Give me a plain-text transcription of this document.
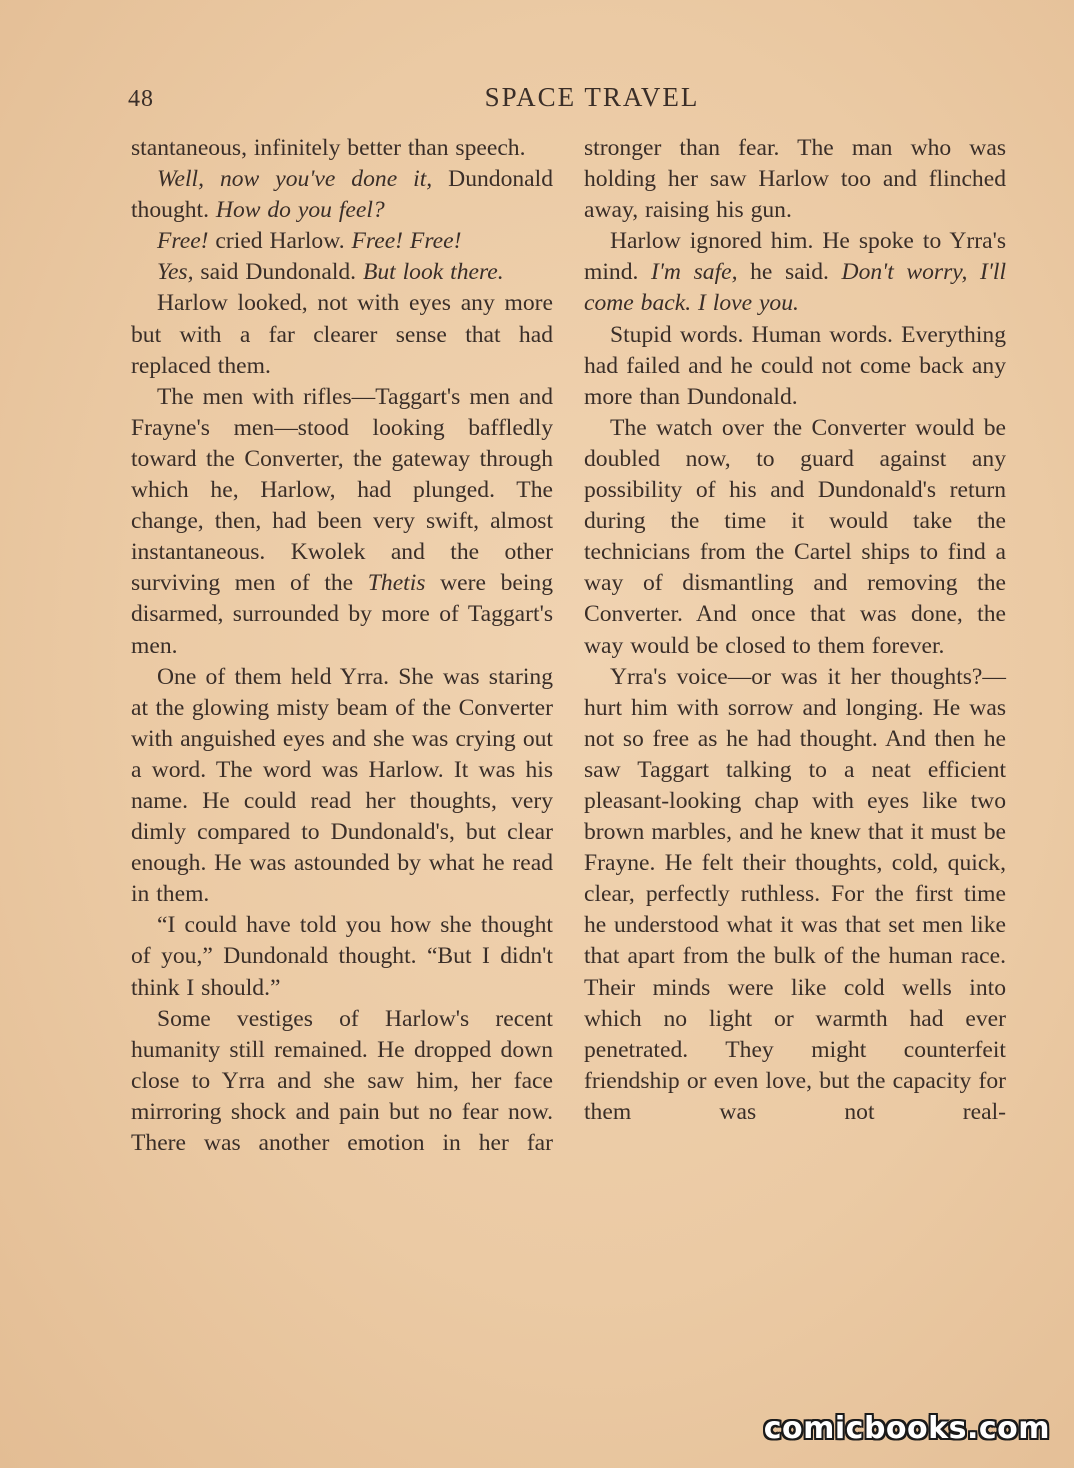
48	SPACE TRAVEL

stantaneous, infinitely better than speech.

Well, now you've done it, Dundonald thought. How do you feel?

Free! cried Harlow. Free! Free!

Yes, said Dundonald. But look there.

Harlow looked, not with eyes any more but with a far clearer sense that had replaced them.

The men with rifles—Taggart's men and Frayne's men—stood looking baffledly toward the Converter, the gateway through which he, Harlow, had plunged. The change, then, had been very swift, almost instantaneous. Kwolek and the other surviving men of the Thetis were being disarmed, surrounded by more of Taggart's men.

One of them held Yrra. She was staring at the glowing misty beam of the Converter with anguished eyes and she was crying out a word. The word was Harlow. It was his name. He could read her thoughts, very dimly compared to Dundonald's, but clear enough. He was astounded by what he read in them.

“I could have told you how she thought of you,” Dundonald thought. “But I didn't think I should.”

Some vestiges of Harlow's recent humanity still remained. He dropped down close to Yrra and she saw him, her face mirroring shock and pain but no fear now. There was another emotion in her far

stronger than fear. The man who was holding her saw Harlow too and flinched away, raising his gun.

Harlow ignored him. He spoke to Yrra's mind. I'm safe, he said. Don't worry, I'll come back. I love you.

Stupid words. Human words. Everything had failed and he could not come back any more than Dundonald.

The watch over the Converter would be doubled now, to guard against any possibility of his and Dundonald's return during the time it would take the technicians from the Cartel ships to find a way of dismantling and removing the Converter. And once that was done, the way would be closed to them forever.

Yrra's voice—or was it her thoughts?—hurt him with sorrow and longing. He was not so free as he had thought. And then he saw Taggart talking to a neat efficient pleasant-looking chap with eyes like two brown marbles, and he knew that it must be Frayne. He felt their thoughts, cold, quick, clear, perfectly ruthless. For the first time he understood what it was that set men like that apart from the bulk of the human race. Their minds were like cold wells into which no light or warmth had ever penetrated. They might counterfeit friendship or even love, but the capacity for them was not real-

comicbooks.com
